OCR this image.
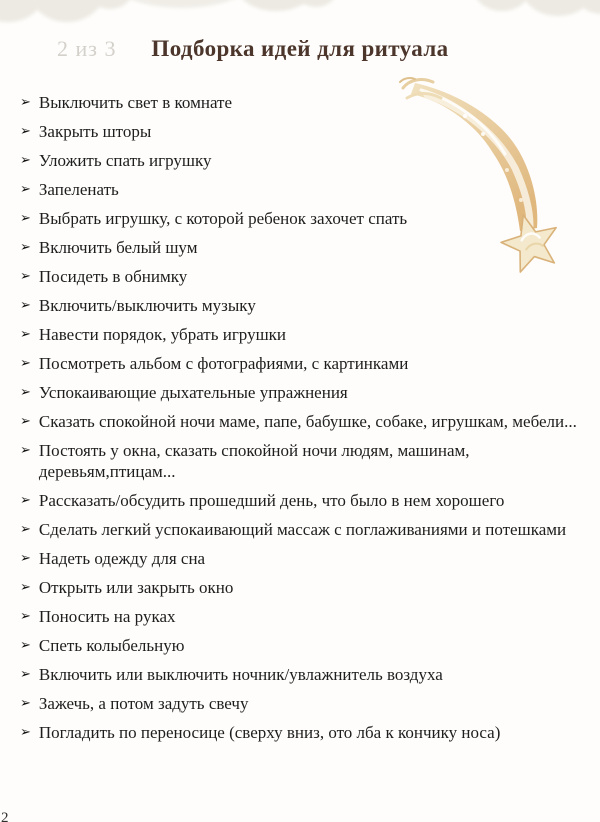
2 из 3	Подборка идей для ритуала
➢ Выключить свет в комнате
➢ Закрыть шторы
➢ Уложить спать игрушку
➢ Запеленать
➢ Выбрать игрушку, с которой ребенок захочет спать
➢ Включить белый шум
➢ Посидеть в обнимку
➢ Включить/выключить музыку
➢ Навести порядок, убрать игрушки
➢ Посмотреть альбом с фотографиями, с картинками
➢ Успокаивающие дыхательные упражнения
➢ Сказать спокойной ночи маме, папе, бабушке, собаке, игрушкам, мебели...
➢ Постоять у окна, сказать спокойной ночи людям, машинам, деревьям,птицам...
➢ Рассказать/обсудить прошедший день, что было в нем хорошего
➢ Сделать легкий успокаивающий массаж с поглаживаниями и потешками
➢ Надеть одежду для сна
➢ Открыть или закрыть окно
➢ Поносить на руках
➢ Спеть колыбельную
➢ Включить или выключить ночник/увлажнитель воздуха
➢ Зажечь, а потом задуть свечу
➢ Погладить по переносице (сверху вниз, ото лба к кончику носа)
2
